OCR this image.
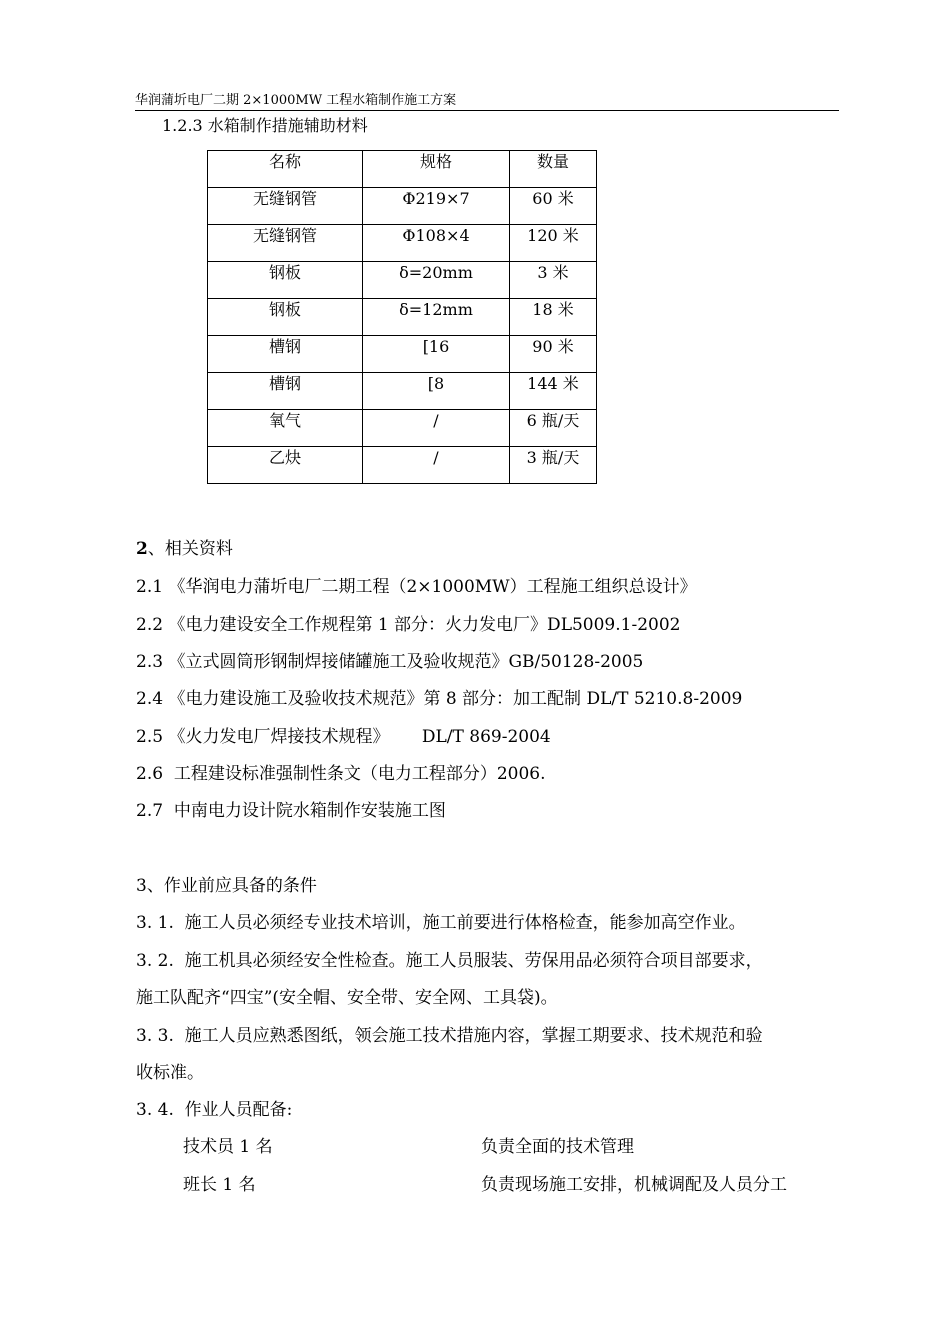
华润蒲圻电厂二期 2×1000MW 工程水箱制作施工方案
1.2.3 水箱制作措施辅助材料
名称	规格	数量
无缝钢管	Φ219×7	60 米
无缝钢管	Φ108×4	120 米
钢板	δ=20mm	3 米
钢板	δ=12mm	18 米
槽钢	[16	90 米
槽钢	[8	144 米
氧气	/	6 瓶/天
乙炔	/	3 瓶/天
2、相关资料
2.1 《华润电力蒲圻电厂二期工程（2×1000MW）工程施工组织总设计》
2.2 《电力建设安全工作规程第 1 部分：火力发电厂》DL5009.1-2002
2.3 《立式圆筒形钢制焊接储罐施工及验收规范》GB/50128-2005
2.4 《电力建设施工及验收技术规范》第 8 部分：加工配制 DL/T 5210.8-2009
2.5 《火力发电厂焊接技术规程》      DL/T 869-2004
2.6  工程建设标准强制性条文（电力工程部分）2006.
2.7  中南电力设计院水箱制作安装施工图
3、作业前应具备的条件
3. 1.  施工人员必须经专业技术培训，施工前要进行体格检查，能参加高空作业。
3. 2.  施工机具必须经安全性检查。施工人员服装、劳保用品必须符合项目部要求，
施工队配齐“四宝”(安全帽、安全带、安全网、工具袋)。
3. 3.  施工人员应熟悉图纸，领会施工技术措施内容，掌握工期要求、技术规范和验
收标准。
3. 4.  作业人员配备:
技术员 1 名	负责全面的技术管理
班长 1 名	负责现场施工安排，机械调配及人员分工
